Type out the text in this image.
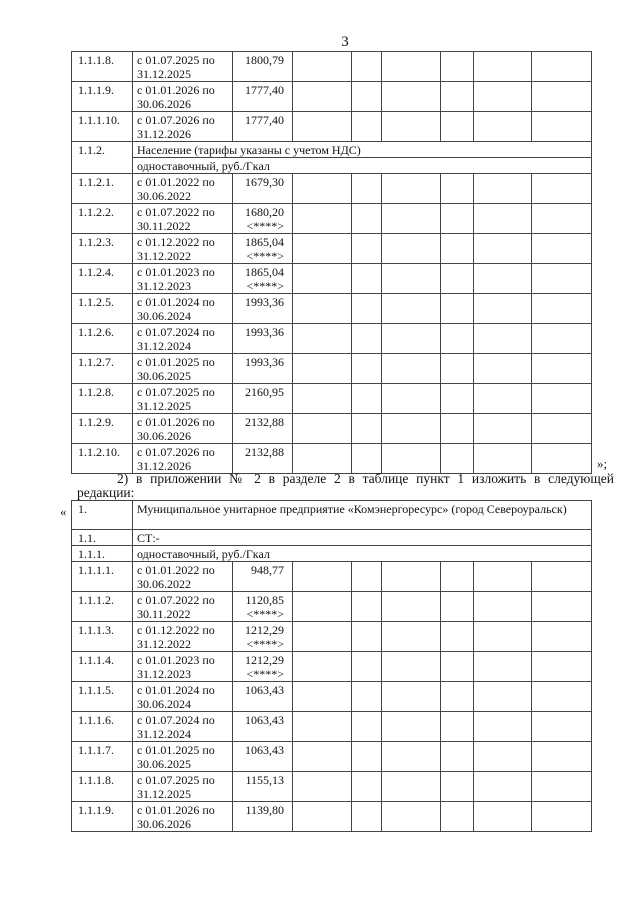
3
1.1.1.8.	с 01.07.2025 по 31.12.2025	1800,79						

1.1.1.9.	с 01.01.2026 по 30.06.2026	1777,40						

1.1.1.10.	с 01.07.2026 по 31.12.2026	1777,40						

1.1.2.	Население (тарифы указаны с учетом НДС)							
	одноставочный, руб./Гкал							
1.1.2.1.	с 01.01.2022 по 30.06.2022	1679,30						

1.1.2.2.	с 01.07.2022 по 30.11.2022	1680,20
<****>						

1.1.2.3.	с 01.12.2022 по 31.12.2022	1865,04
<****>						

1.1.2.4.	с 01.01.2023 по 31.12.2023	1865,04
<****>						

1.1.2.5.	с 01.01.2024 по 30.06.2024	1993,36						

1.1.2.6.	с 01.07.2024 по 31.12.2024	1993,36						

1.1.2.7.	с 01.01.2025 по 30.06.2025	1993,36						

1.1.2.8.	с 01.07.2025 по 31.12.2025	2160,95						

1.1.2.9.	с 01.01.2026 по 30.06.2026	2132,88						

1.1.2.10.	с 01.07.2026 по 31.12.2026	2132,88						

»;
2) в приложении № 2 в разделе 2 в таблице пункт 1 изложить в следующей
редакции:
« 1.	Муниципальное унитарное предприятие «Комэнергоресурс» (город Североуральск)							
1.1.	СТ:-							
1.1.1.	одноставочный, руб./Гкал							
1.1.1.1.	с 01.01.2022 по 30.06.2022	948,77						

1.1.1.2.	с 01.07.2022 по 30.11.2022	1120,85
<****>						

1.1.1.3.	с 01.12.2022 по 31.12.2022	1212,29
<****>						

1.1.1.4.	с 01.01.2023 по 31.12.2023	1212,29
<****>						

1.1.1.5.	с 01.01.2024 по 30.06.2024	1063,43						

1.1.1.6.	с 01.07.2024 по 31.12.2024	1063,43						

1.1.1.7.	с 01.01.2025 по 30.06.2025	1063,43						

1.1.1.8.	с 01.07.2025 по 31.12.2025	1155,13						

1.1.1.9.	с 01.01.2026 по 30.06.2026	1139,80						
